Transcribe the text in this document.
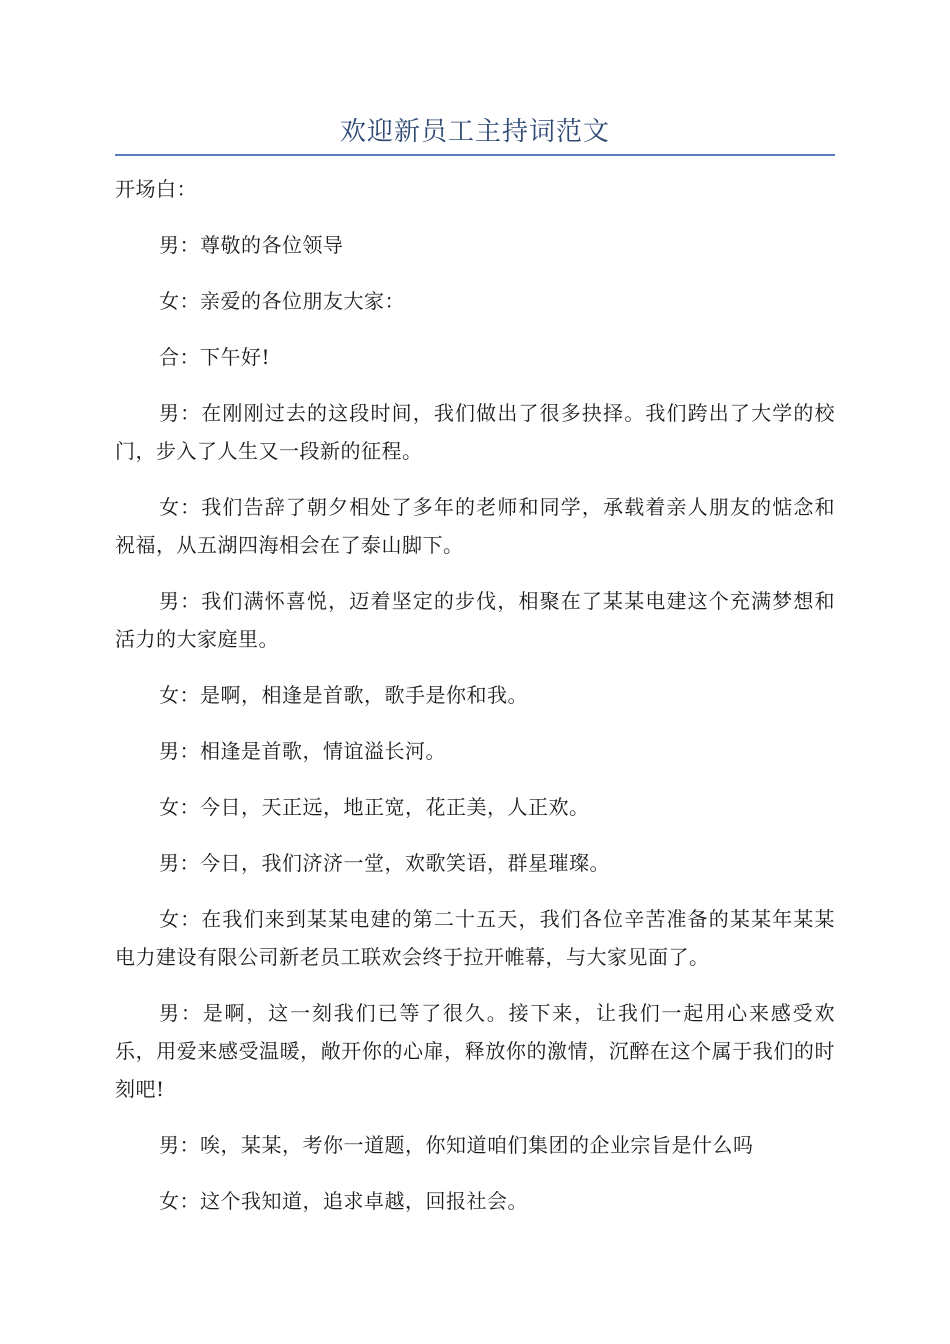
欢迎新员工主持词范文

开场白：

男：尊敬的各位领导

女：亲爱的各位朋友大家：

合：下午好!

男：在刚刚过去的这段时间，我们做出了很多抉择。我们跨出了大学的校门，步入了人生又一段新的征程。

女：我们告辞了朝夕相处了多年的老师和同学，承载着亲人朋友的惦念和祝福，从五湖四海相会在了泰山脚下。

男：我们满怀喜悦，迈着坚定的步伐，相聚在了某某电建这个充满梦想和活力的大家庭里。

女：是啊，相逢是首歌，歌手是你和我。

男：相逢是首歌，情谊溢长河。

女：今日，天正远，地正宽，花正美，人正欢。

男：今日，我们济济一堂，欢歌笑语，群星璀璨。

女：在我们来到某某电建的第二十五天，我们各位辛苦准备的某某年某某电力建设有限公司新老员工联欢会终于拉开帷幕，与大家见面了。

男：是啊，这一刻我们已等了很久。接下来，让我们一起用心来感受欢乐，用爱来感受温暖，敞开你的心扉，释放你的激情，沉醉在这个属于我们的时刻吧!

男：唉，某某，考你一道题，你知道咱们集团的企业宗旨是什么吗

女：这个我知道，追求卓越，回报社会。
